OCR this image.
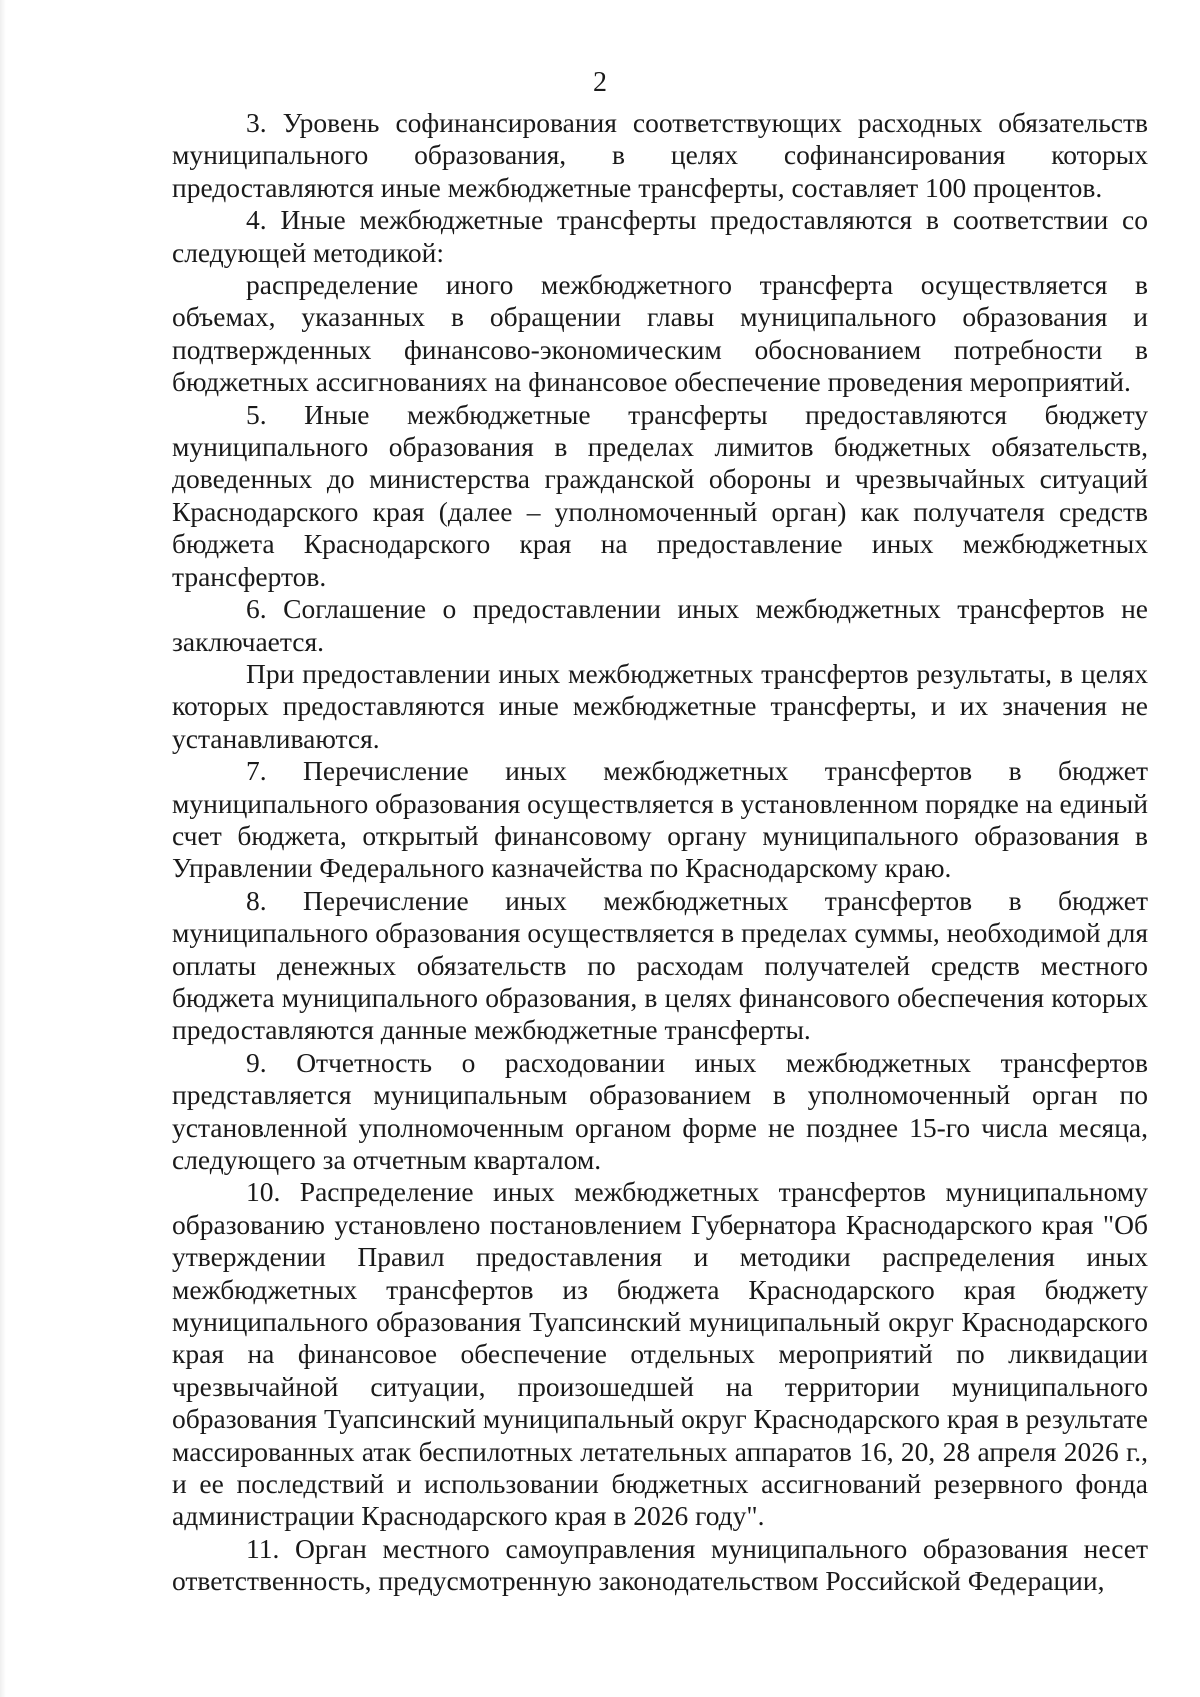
2

3. Уровень софинансирования соответствующих расходных обязательств муниципального образования, в целях софинансирования которых предоставляются иные межбюджетные трансферты, составляет 100 процентов.

4. Иные межбюджетные трансферты предоставляются в соответствии со следующей методикой:

распределение иного межбюджетного трансферта осуществляется в объемах, указанных в обращении главы муниципального образования и подтвержденных финансово-экономическим обоснованием потребности в бюджетных ассигнованиях на финансовое обеспечение проведения мероприятий.

5. Иные межбюджетные трансферты предоставляются бюджету муниципального образования в пределах лимитов бюджетных обязательств, доведенных до министерства гражданской обороны и чрезвычайных ситуаций Краснодарского края (далее – уполномоченный орган) как получателя средств бюджета Краснодарского края на предоставление иных межбюджетных трансфертов.

6. Соглашение о предоставлении иных межбюджетных трансфертов не заключается.

При предоставлении иных межбюджетных трансфертов результаты, в целях которых предоставляются иные межбюджетные трансферты, и их значения не устанавливаются.

7. Перечисление иных межбюджетных трансфертов в бюджет муниципального образования осуществляется в установленном порядке на единый счет бюджета, открытый финансовому органу муниципального образования в Управлении Федерального казначейства по Краснодарскому краю.

8. Перечисление иных межбюджетных трансфертов в бюджет муниципального образования осуществляется в пределах суммы, необходимой для оплаты денежных обязательств по расходам получателей средств местного бюджета муниципального образования, в целях финансового обеспечения которых предоставляются данные межбюджетные трансферты.

9. Отчетность о расходовании иных межбюджетных трансфертов представляется муниципальным образованием в уполномоченный орган по установленной уполномоченным органом форме не позднее 15-го числа месяца, следующего за отчетным кварталом.

10. Распределение иных межбюджетных трансфертов муниципальному образованию установлено постановлением Губернатора Краснодарского края "Об утверждении Правил предоставления и методики распределения иных межбюджетных трансфертов из бюджета Краснодарского края бюджету муниципального образования Туапсинский муниципальный округ Краснодарского края на финансовое обеспечение отдельных мероприятий по ликвидации чрезвычайной ситуации, произошедшей на территории муниципального образования Туапсинский муниципальный округ Краснодарского края в результате массированных атак беспилотных летательных аппаратов 16, 20, 28 апреля 2026 г., и ее последствий и использовании бюджетных ассигнований резервного фонда администрации Краснодарского края в 2026 году".

11. Орган местного самоуправления муниципального образования несет ответственность, предусмотренную законодательством Российской Федерации,
